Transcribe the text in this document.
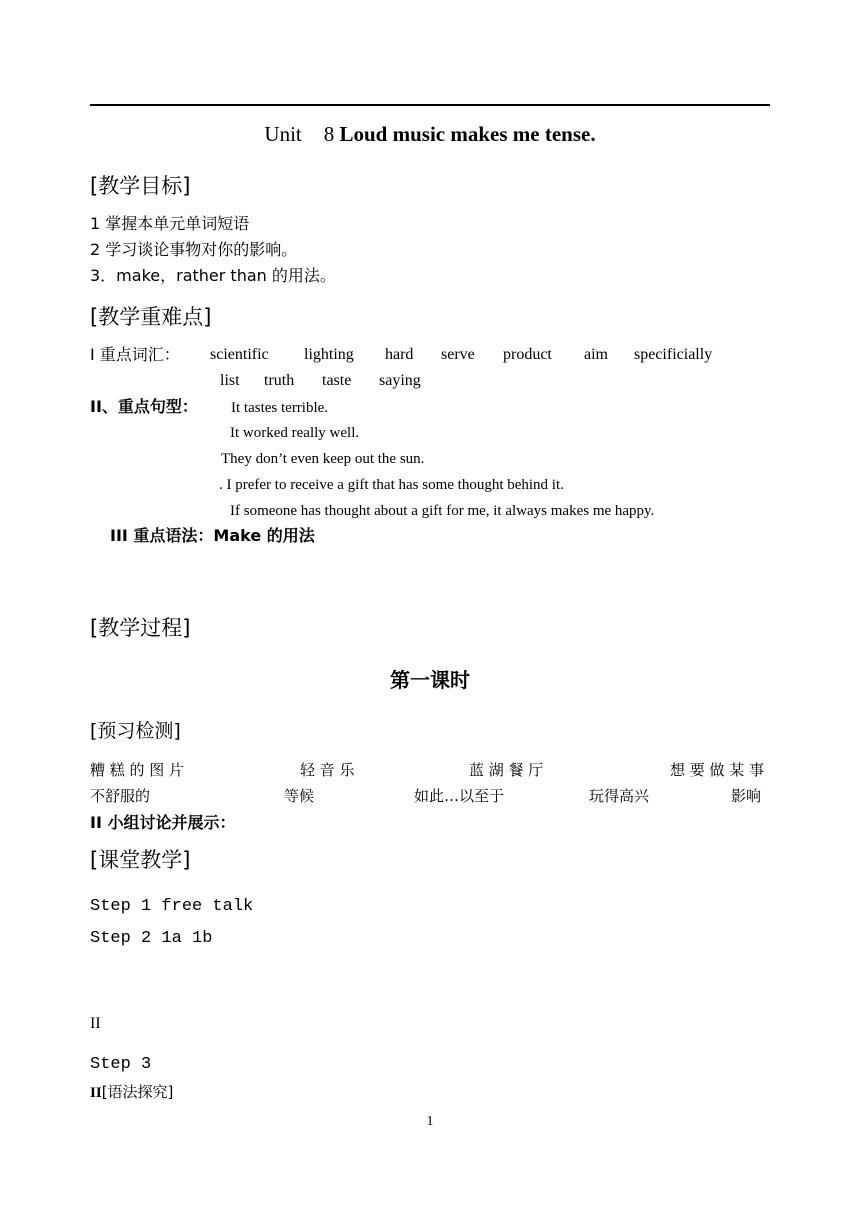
Unit 8 Loud music makes me tense.
[教学目标]
1 掌握本单元单词短语
2 学习谈论事物对你的影响。
3．make，rather than 的用法。
[教学重难点]
I 重点词汇： scientific lighting hard serve product aim specificially
list truth taste saying
II、重点句型： It tastes terrible.
It worked really well.
They don’t even keep out the sun.
. I prefer to receive a gift that has some thought behind it.
If someone has thought about a gift for me, it always makes me happy.
III 重点语法：Make 的用法
[教学过程]
第一课时
[预习检测]
糟 糕 的 图 片	轻 音 乐	蓝 湖 餐 厅	想 要 做 某 事
不舒服的	等候	如此…以至于	玩得高兴	影响
II 小组讨论并展示：
[课堂教学]
Step 1 free talk
Step 2 1a 1b
II
Step 3
II[语法探究]
1
